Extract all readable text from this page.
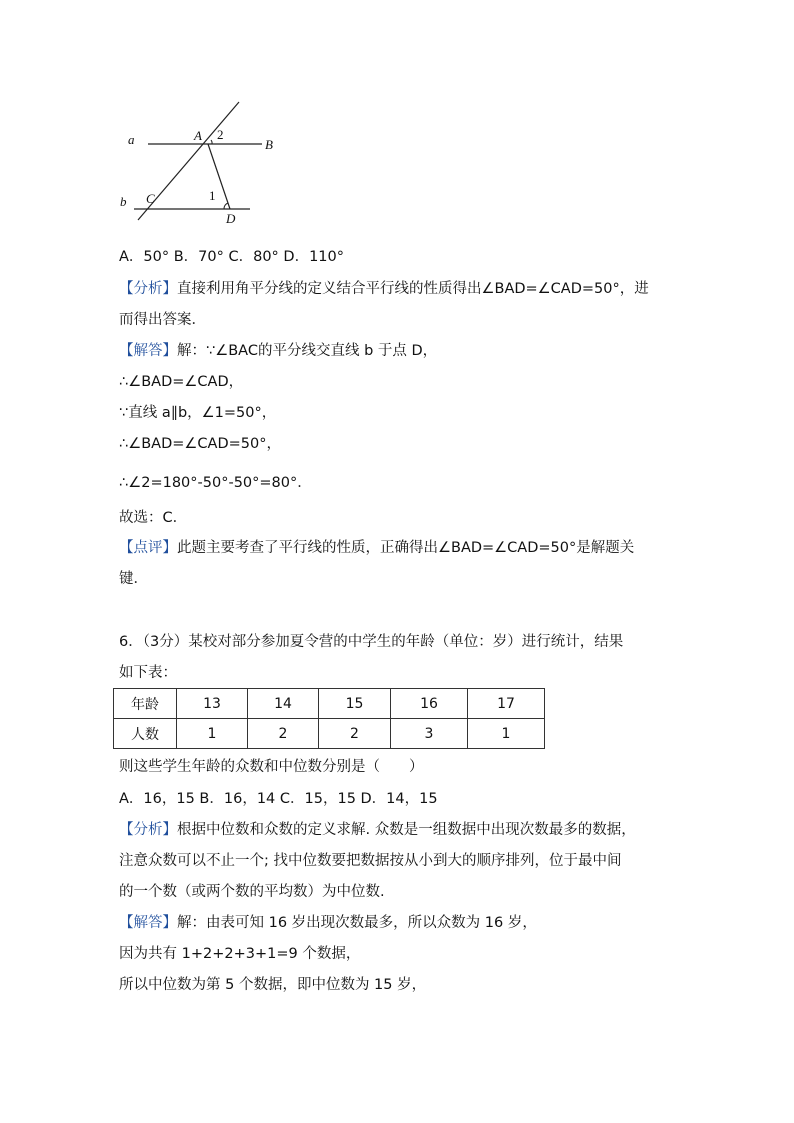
a
b
A
B
C
D
1
2
A．50° B．70° C．80° D．110°
【分析】直接利用角平分线的定义结合平行线的性质得出∠BAD=∠CAD=50°，进
而得出答案．
【解答】解：∵∠BAC的平分线交直线 b 于点 D，
∴∠BAD=∠CAD，
∵直线 a∥b，∠1=50°，
∴∠BAD=∠CAD=50°，
∴∠2=180°-50°-50°=80°．
故选：C．
【点评】此题主要考查了平行线的性质，正确得出∠BAD=∠CAD=50°是解题关
键．
6．（3分）某校对部分参加夏令营的中学生的年龄（单位：岁）进行统计，结果
如下表：
年龄	13	14	15	16	17
人数	1	2	2	3	1
则这些学生年龄的众数和中位数分别是（　　）
A．16，15 B．16，14 C．15，15 D．14，15
【分析】根据中位数和众数的定义求解. 众数是一组数据中出现次数最多的数据，
注意众数可以不止一个; 找中位数要把数据按从小到大的顺序排列，位于最中间
的一个数（或两个数的平均数）为中位数.
【解答】解：由表可知 16 岁出现次数最多，所以众数为 16 岁，
因为共有 1+2+2+3+1=9 个数据，
所以中位数为第 5 个数据，即中位数为 15 岁，
